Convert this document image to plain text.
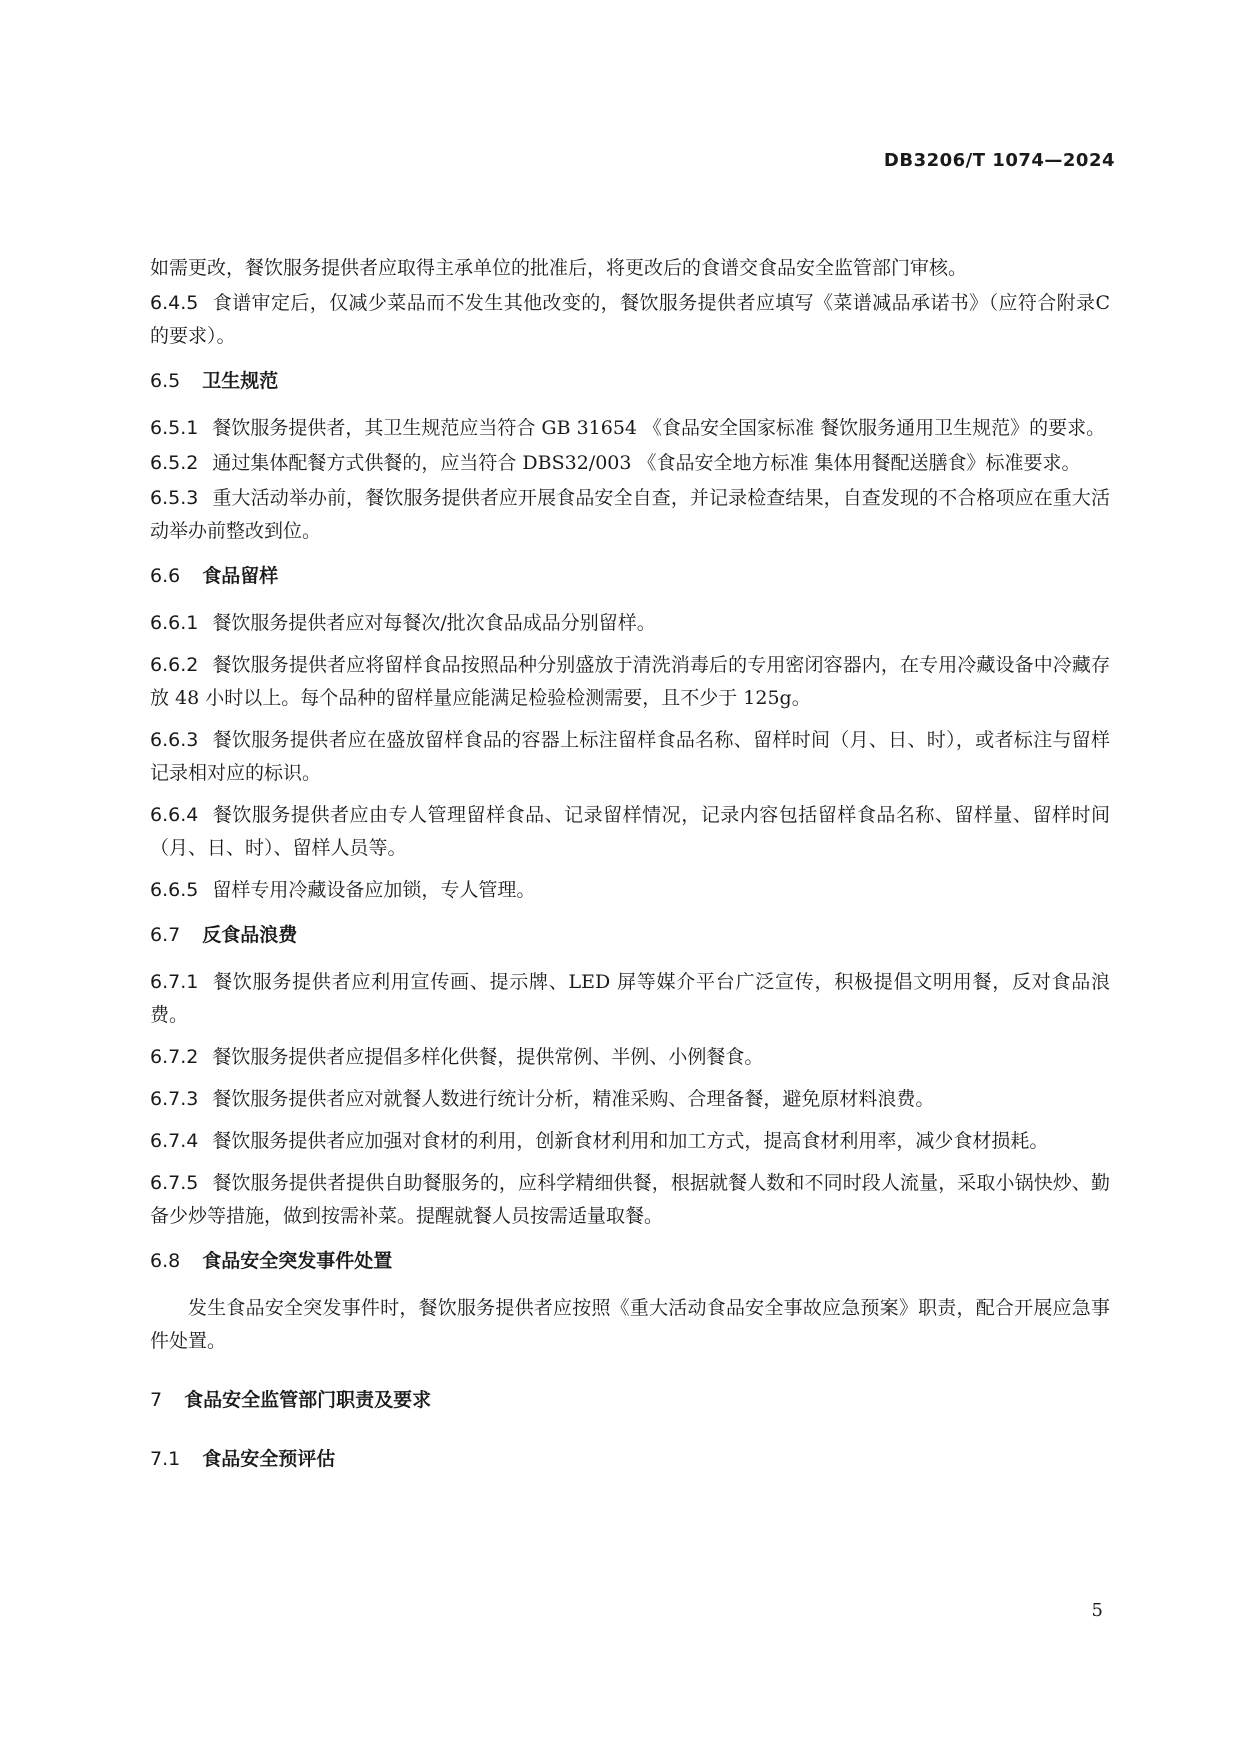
DB3206/T 1074—2024

如需更改，餐饮服务提供者应取得主承单位的批准后，将更改后的食谱交食品安全监管部门审核。

6.4.5 食谱审定后，仅减少菜品而不发生其他改变的，餐饮服务提供者应填写《菜谱减品承诺书》（应符合附录C的要求）。

6.5 卫生规范

6.5.1 餐饮服务提供者，其卫生规范应当符合 GB 31654 《食品安全国家标准 餐饮服务通用卫生规范》的要求。

6.5.2 通过集体配餐方式供餐的，应当符合 DBS32/003 《食品安全地方标准 集体用餐配送膳食》标准要求。

6.5.3 重大活动举办前，餐饮服务提供者应开展食品安全自查，并记录检查结果，自查发现的不合格项应在重大活动举办前整改到位。

6.6 食品留样

6.6.1 餐饮服务提供者应对每餐次/批次食品成品分别留样。

6.6.2 餐饮服务提供者应将留样食品按照品种分别盛放于清洗消毒后的专用密闭容器内，在专用冷藏设备中冷藏存放 48 小时以上。每个品种的留样量应能满足检验检测需要，且不少于 125g。

6.6.3 餐饮服务提供者应在盛放留样食品的容器上标注留样食品名称、留样时间（月、日、时），或者标注与留样记录相对应的标识。

6.6.4 餐饮服务提供者应由专人管理留样食品、记录留样情况，记录内容包括留样食品名称、留样量、留样时间（月、日、时）、留样人员等。

6.6.5 留样专用冷藏设备应加锁，专人管理。

6.7 反食品浪费

6.7.1 餐饮服务提供者应利用宣传画、提示牌、LED 屏等媒介平台广泛宣传，积极提倡文明用餐，反对食品浪费。

6.7.2 餐饮服务提供者应提倡多样化供餐，提供常例、半例、小例餐食。

6.7.3 餐饮服务提供者应对就餐人数进行统计分析，精准采购、合理备餐，避免原材料浪费。

6.7.4 餐饮服务提供者应加强对食材的利用，创新食材利用和加工方式，提高食材利用率，减少食材损耗。

6.7.5 餐饮服务提供者提供自助餐服务的，应科学精细供餐，根据就餐人数和不同时段人流量，采取小锅快炒、勤备少炒等措施，做到按需补菜。提醒就餐人员按需适量取餐。

6.8 食品安全突发事件处置

发生食品安全突发事件时，餐饮服务提供者应按照《重大活动食品安全事故应急预案》职责，配合开展应急事件处置。

7 食品安全监管部门职责及要求

7.1 食品安全预评估

5
